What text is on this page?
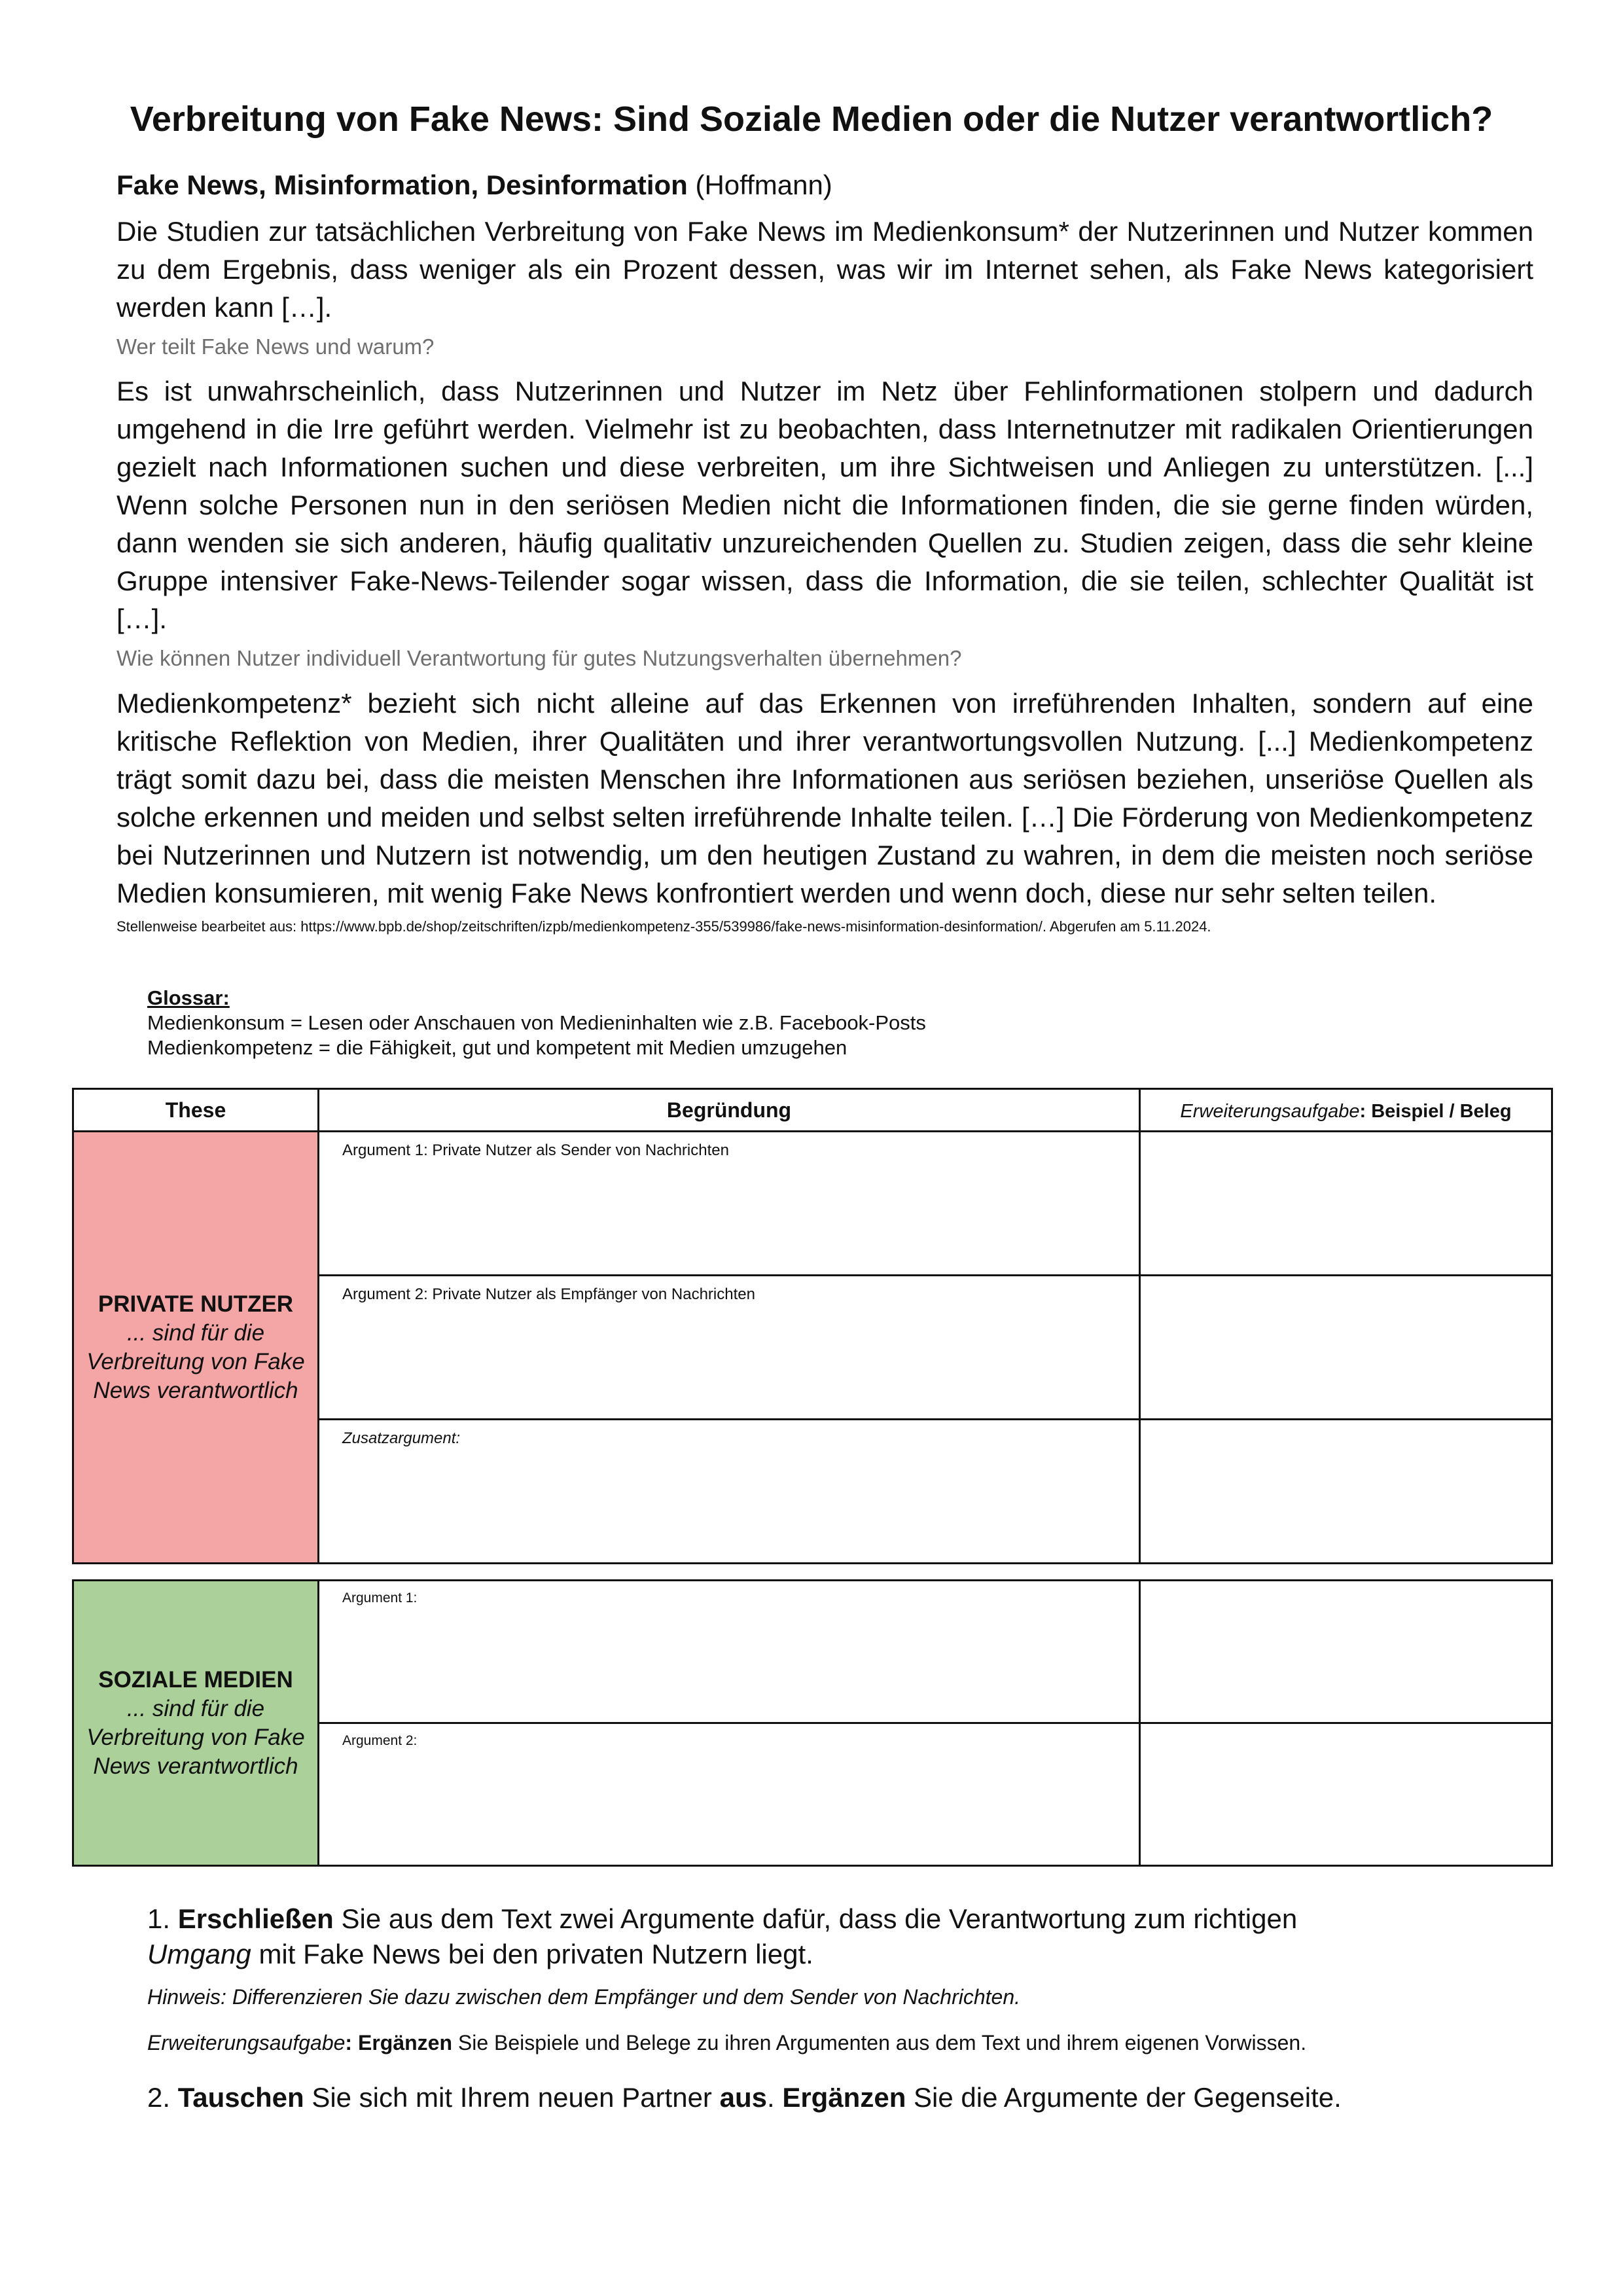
Verbreitung von Fake News: Sind Soziale Medien oder die Nutzer verantwortlich?

Fake News, Misinformation, Desinformation (Hoffmann)

Die Studien zur tatsächlichen Verbreitung von Fake News im Medienkonsum* der Nutzerinnen und Nutzer kommen zu dem Ergebnis, dass weniger als ein Prozent dessen, was wir im Internet sehen, als Fake News kategorisiert werden kann […].

Wer teilt Fake News und warum?

Es ist unwahrscheinlich, dass Nutzerinnen und Nutzer im Netz über Fehlinformationen stolpern und dadurch umgehend in die Irre geführt werden. Vielmehr ist zu beobachten, dass Internetnutzer mit radikalen Orientierungen gezielt nach Informationen suchen und diese verbreiten, um ihre Sichtweisen und Anliegen zu unterstützen. [...] Wenn solche Personen nun in den seriösen Medien nicht die Informationen finden, die sie gerne finden würden, dann wenden sie sich anderen, häufig qualitativ unzureichenden Quellen zu. Studien zeigen, dass die sehr kleine Gruppe intensiver Fake-News-Teilender sogar wissen, dass die Information, die sie teilen, schlechter Qualität ist […].

Wie können Nutzer individuell Verantwortung für gutes Nutzungsverhalten übernehmen?

Medienkompetenz* bezieht sich nicht alleine auf das Erkennen von irreführenden Inhalten, sondern auf eine kritische Reflektion von Medien, ihrer Qualitäten und ihrer verantwortungsvollen Nutzung. [...] Medienkompetenz trägt somit dazu bei, dass die meisten Menschen ihre Informationen aus seriösen beziehen, unseriöse Quellen als solche erkennen und meiden und selbst selten irreführende Inhalte teilen. […] Die Förderung von Medienkompetenz bei Nutzerinnen und Nutzern ist notwendig, um den heutigen Zustand zu wahren, in dem die meisten noch seriöse Medien konsumieren, mit wenig Fake News konfrontiert werden und wenn doch, diese nur sehr selten teilen.

Stellenweise bearbeitet aus: https://www.bpb.de/shop/zeitschriften/izpb/medienkompetenz-355/539986/fake-news-misinformation-desinformation/. Abgerufen am 5.11.2024.

Glossar:
Medienkonsum = Lesen oder Anschauen von Medieninhalten wie z.B. Facebook-Posts
Medienkompetenz = die Fähigkeit, gut und kompetent mit Medien umzugehen
These	Begründung	Erweiterungsaufgabe: Beispiel / Beleg

PRIVATE NUTZER
... sind für die Verbreitung von Fake News verantwortlich	Argument 1: Private Nutzer als Sender von Nachrichten	
	Argument 2: Private Nutzer als Empfänger von Nachrichten	
	Zusatzargument:	
SOZIALE MEDIEN
... sind für die Verbreitung von Fake News verantwortlich	Argument 1:	
	Argument 2:	

1. Erschließen Sie aus dem Text zwei Argumente dafür, dass die Verantwortung zum richtigen
Umgang mit Fake News bei den privaten Nutzern liegt.

Hinweis: Differenzieren Sie dazu zwischen dem Empfänger und dem Sender von Nachrichten.

Erweiterungsaufgabe: Ergänzen Sie Beispiele und Belege zu ihren Argumenten aus dem Text und ihrem eigenen Vorwissen.

2. Tauschen Sie sich mit Ihrem neuen Partner aus. Ergänzen Sie die Argumente der Gegenseite.
